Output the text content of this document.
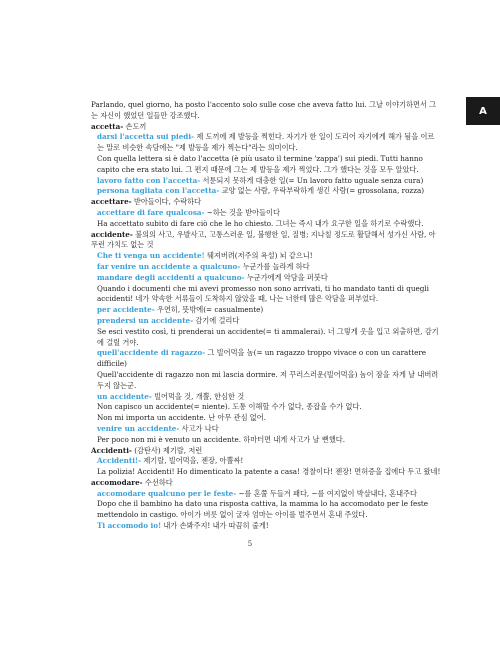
A
Parlando, quel giorno, ha posto l'accento solo sulle cose che aveva fatto lui. 그날 이야기하면서 그는 자신이 했었던 일들만 강조했다.
accetta- 손도끼
darsi l'accetta sui piedi- 제 도끼에 제 발등을 찍힌다. 자기가 한 일이 도리어 자기에게 해가 됨을 이르는 말로 비슷한 속담에는 "제 발등을 제가 찍는다"라는 의미이다.
Con quella lettera si è dato l'accetta (è più usato il termine 'zappa') sui piedi. Tutti hanno capito che era stato lui. 그 편지 때문에 그는 제 발등을 제가 찍었다. 그가 했다는 것을 모두 알았다.
lavoro fatto con l'accetta- 서툰되지 못하게 대충한 일(= Un lavoro fatto uguale senza cura)
persona tagliata con l'accetta- 교양 없는 사람, 우락부락하게 생긴 사람(= grossolana, rozza)
accettare- 받아들이다, 수락하다
accettare di fare qualcosa- ~하는 것을 받아들이다
Ha accettato subito di fare ciò che le ho chiesto. 그녀는 즉시 내가 요구한 일을 하기로 수락했다.
accidente- 불의의 사고, 우발사고, 고통스러운 일, 불행한 일, 질병; 지나칠 정도로 활달해서 성가신 사람, 아무런 가치도 없는 것
Che ti venga un accidente! 뒈져버려(저주의 욕설) 뇌 같으니!
far venire un accidente a qualcuno- 누군가를 놀라게 하다
mandare degli accidenti a qualcuno- 누군가에게 악담을 퍼붓다
Quando i documenti che mi avevi promesso non sono arrivati, ti ho mandato tanti di quegli accidenti! 네가 약속한 서류들이 도착하지 않았을 때, 나는 너한테 많은 악담을 퍼부었다.
per accidente- 우연히, 뜻밖에(= casualmente)
prendersi un accidente- 감기에 걸리다
Se esci vestito così, ti prenderai un accidente(= ti ammalerai). 너 그렇게 옷을 입고 외출하면, 감기에 걸릴 거야.
quell'accidente di ragazzo- 그 빌어먹을 놈(= un ragazzo troppo vivace o con un carattere difficile)
Quell'accidente di ragazzo non mi lascia dormire. 저 꾸러스러운(빌어먹을) 놈이 잠을 자게 날 내버려 두지 않는군.
un accidente- 빌어먹을 것, 개뿔, 한심한 것
Non capisco un accidente(= niente). 도통 이해할 수가 없다, 종잡을 수가 없다.
Non mi importa un accidente. 난 아무 관심 없어.
venire un accidente- 사고가 나다
Per poco non mi è venuto un accidente. 하마터면 내게 사고가 날 뻔했다.
Accidenti- (감탄사) 제기랄, 저런
Accidenti!- 제기랄, 빌어먹을, 젠장, 아뿔싸!
La polizia! Accidenti! Ho dimenticato la patente a casa! 경찰이다! 젠장! 면허증을 집에다 두고 왔네!
accomodare- 수선하다
accomodare qualcuno per le feste- ~를 혼쭐 두들겨 패다, ~를 여지없이 박살내다, 혼내주다
Dopo che il bambino ha dato una risposta cattiva, la mamma lo ha accomodato per le feste mettendolo in castigo. 아이가 버릇 없이 굴자 엄마는 아이를 벌주면서 혼내 주었다.
Ti accomodo io! 내가 손봐주지! 내가 따끔히 줄게!
5
